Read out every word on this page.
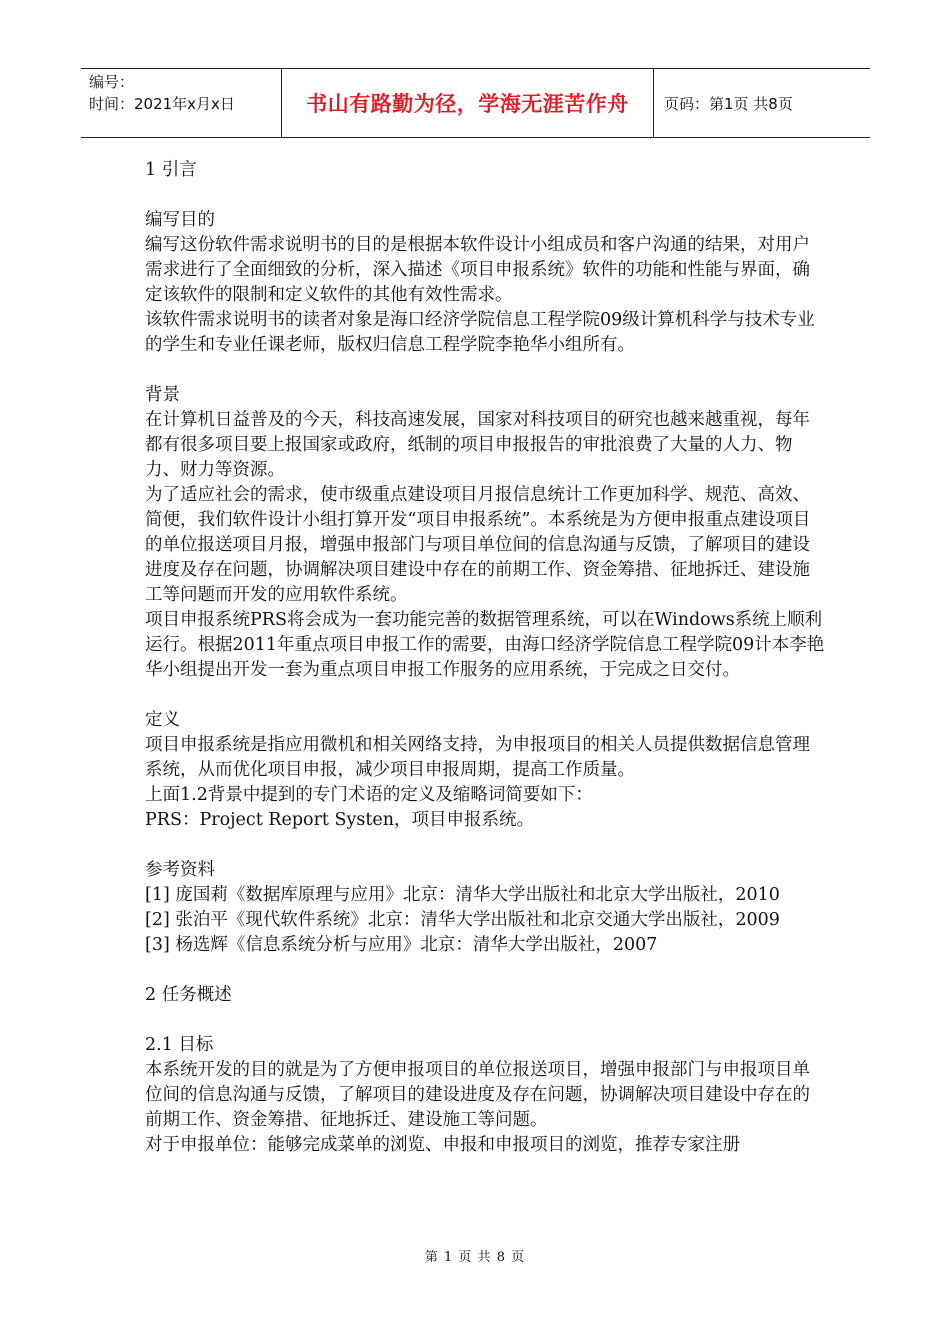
编号：
时间：2021年x月x日	书山有路勤为径，学海无涯苦作舟	页码：第1页 共8页

1 引言

编写目的

编写这份软件需求说明书的目的是根据本软件设计小组成员和客户沟通的结果，对用户需求进行了全面细致的分析，深入描述《项目申报系统》软件的功能和性能与界面，确定该软件的限制和定义软件的其他有效性需求。

该软件需求说明书的读者对象是海口经济学院信息工程学院09级计算机科学与技术专业的学生和专业任课老师，版权归信息工程学院李艳华小组所有。

背景

在计算机日益普及的今天，科技高速发展，国家对科技项目的研究也越来越重视，每年都有很多项目要上报国家或政府，纸制的项目申报报告的审批浪费了大量的人力、物力、财力等资源。

为了适应社会的需求，使市级重点建设项目月报信息统计工作更加科学、规范、高效、简便，我们软件设计小组打算开发“项目申报系统”。本系统是为方便申报重点建设项目的单位报送项目月报，增强申报部门与项目单位间的信息沟通与反馈，了解项目的建设进度及存在问题，协调解决项目建设中存在的前期工作、资金筹措、征地拆迁、建设施工等问题而开发的应用软件系统。

项目申报系统PRS将会成为一套功能完善的数据管理系统，可以在Windows系统上顺利运行。根据2011年重点项目申报工作的需要，由海口经济学院信息工程学院09计本李艳华小组提出开发一套为重点项目申报工作服务的应用系统，于完成之日交付。

定义

项目申报系统是指应用微机和相关网络支持，为申报项目的相关人员提供数据信息管理系统，从而优化项目申报，减少项目申报周期，提高工作质量。

上面1.2背景中提到的专门术语的定义及缩略词简要如下：

PRS：Project Report Systen，项目申报系统。

参考资料

[1] 庞国莉《数据库原理与应用》北京：清华大学出版社和北京大学出版社，2010

[2] 张泊平《现代软件系统》北京：清华大学出版社和北京交通大学出版社，2009

[3] 杨选辉《信息系统分析与应用》北京：清华大学出版社，2007

2 任务概述

2.1 目标

本系统开发的目的就是为了方便申报项目的单位报送项目，增强申报部门与申报项目单位间的信息沟通与反馈，了解项目的建设进度及存在问题，协调解决项目建设中存在的前期工作、资金筹措、征地拆迁、建设施工等问题。

对于申报单位：能够完成菜单的浏览、申报和申报项目的浏览，推荐专家注册

第 1 页 共 8 页
